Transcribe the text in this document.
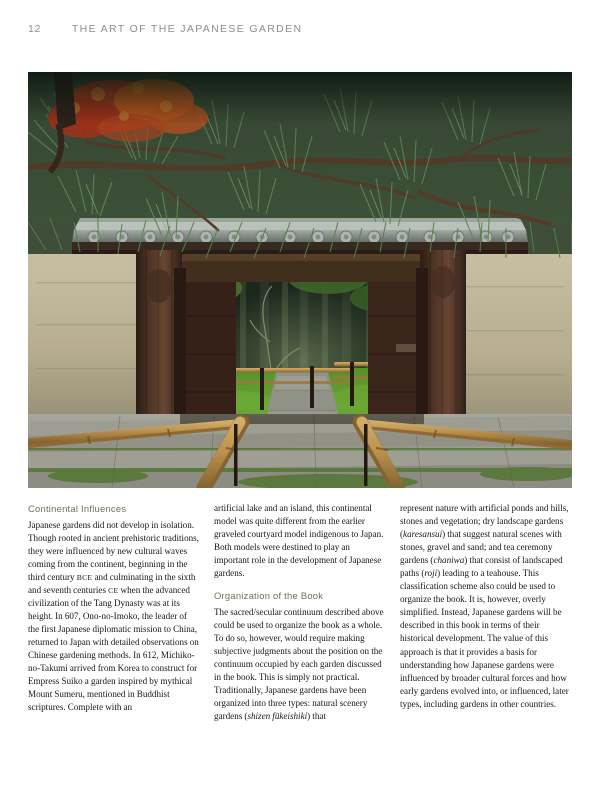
12	THE ART OF THE JAPANESE GARDEN
Continental Influences

Japanese gardens did not develop in isolation. Though rooted in ancient prehistoric traditions, they were influenced by new cultural waves coming from the continent, beginning in the third century BCE and culminating in the sixth and seventh centuries CE when the advanced civilization of the Tang Dynasty was at its height. In 607, Ono-no-Imoko, the leader of the first Japanese diplomatic mission to China, returned to Japan with detailed observations on Chinese gardening methods. In 612, Michiko-no-Takumi arrived from Korea to construct for Empress Suiko a garden inspired by mythical Mount Sumeru, mentioned in Buddhist scriptures. Complete with an

artificial lake and an island, this continental model was quite different from the earlier graveled courtyard model indigenous to Japan. Both models were destined to play an important role in the development of Japanese gardens.

Organization of the Book

The sacred/secular continuum described above could be used to organize the book as a whole. To do so, however, would require making subjective judgments about the position on the continuum occupied by each garden discussed in the book. This is simply not practical. Traditionally, Japanese gardens have been organized into three types: natural scenery gardens (shizen fūkeishiki) that

represent nature with artificial ponds and hills, stones and vegetation; dry landscape gardens (karesansui) that suggest natural scenes with stones, gravel and sand; and tea ceremony gardens (chaniwa) that consist of landscaped paths (roji) leading to a teahouse. This classification scheme also could be used to organize the book. It is, however, overly simplified. Instead, Japanese gardens will be described in this book in terms of their historical development. The value of this approach is that it provides a basis for understanding how Japanese gardens were influenced by broader cultural forces and how early gardens evolved into, or influenced, later types, including gardens in other countries.
